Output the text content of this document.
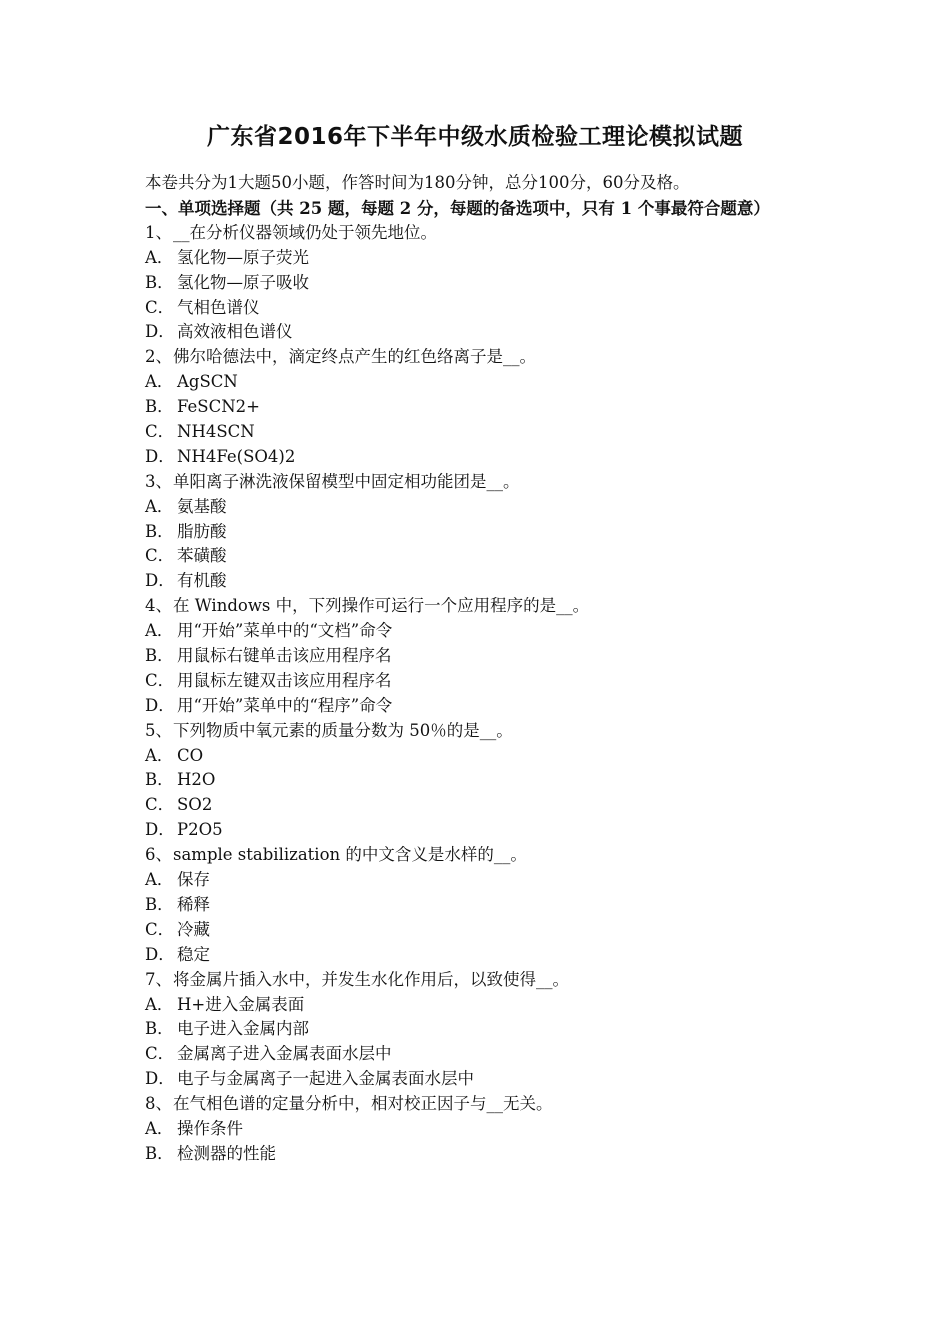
广东省2016年下半年中级水质检验工理论模拟试题
本卷共分为1大题50小题，作答时间为180分钟，总分100分，60分及格。
一、单项选择题（共 25 题，每题 2 分，每题的备选项中，只有 1 个事最符合题意）
1、__在分析仪器领域仍处于领先地位。
A． 氢化物—原子荧光
B． 氢化物—原子吸收
C． 气相色谱仪
D． 高效液相色谱仪
2、佛尔哈德法中，滴定终点产生的红色络离子是__。
A． AgSCN
B． FeSCN2+
C． NH4SCN
D． NH4Fe(SO4)2
3、单阳离子淋洗液保留模型中固定相功能团是__。
A． 氨基酸
B． 脂肪酸
C． 苯磺酸
D． 有机酸
4、在 Windows 中，下列操作可运行一个应用程序的是__。
A． 用“开始”菜单中的“文档”命令
B． 用鼠标右键单击该应用程序名
C． 用鼠标左键双击该应用程序名
D． 用“开始”菜单中的“程序”命令
5、下列物质中氧元素的质量分数为 50％的是__。
A． CO
B． H2O
C． SO2
D． P2O5
6、sample stabilization 的中文含义是水样的__。
A． 保存
B． 稀释
C． 冷藏
D． 稳定
7、将金属片插入水中，并发生水化作用后，以致使得__。
A． H+进入金属表面
B． 电子进入金属内部
C． 金属离子进入金属表面水层中
D． 电子与金属离子一起进入金属表面水层中
8、在气相色谱的定量分析中，相对校正因子与__无关。
A． 操作条件
B． 检测器的性能
